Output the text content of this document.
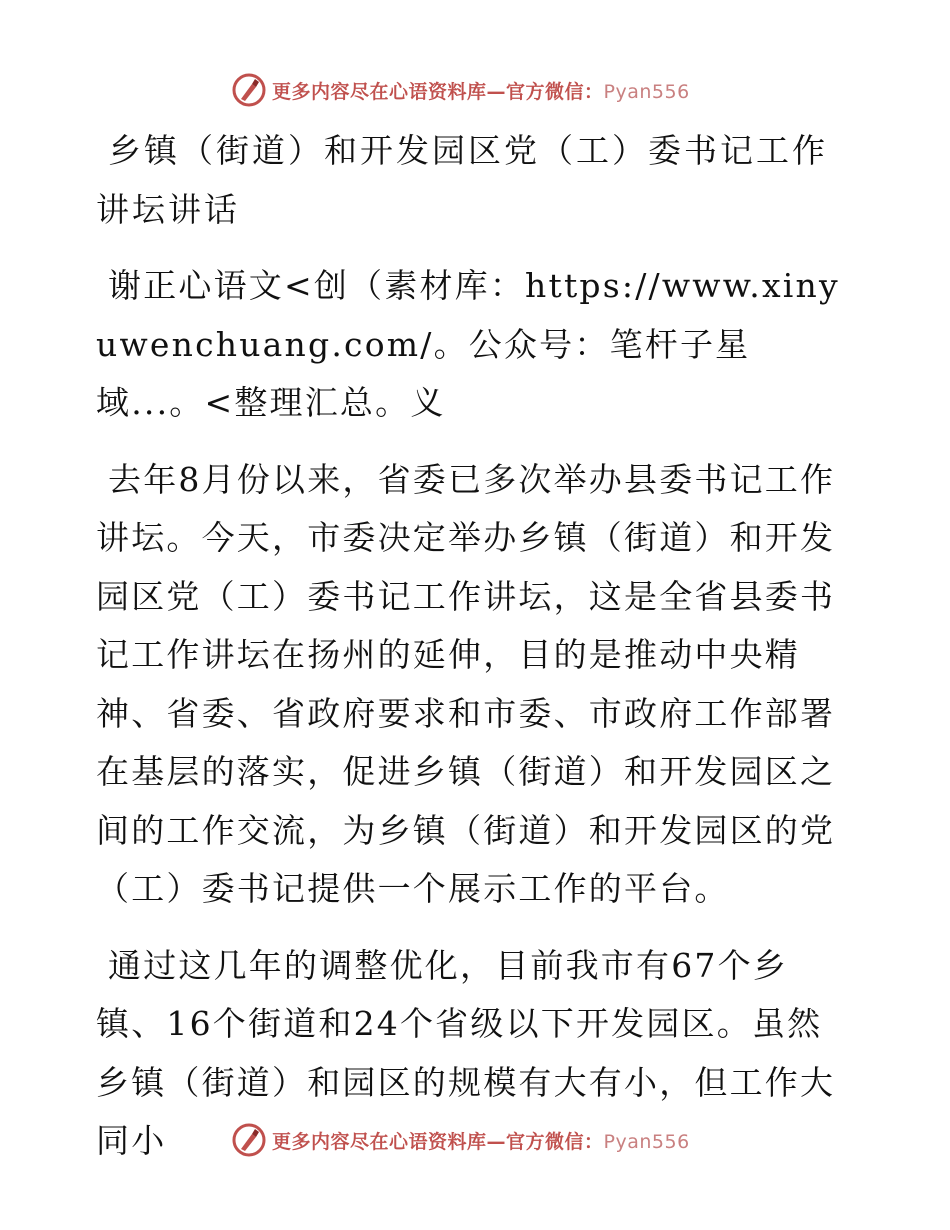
更多内容尽在心语资料库—官方微信：Pyan556

乡镇（街道）和开发园区党（工）委书记工作讲坛讲话

谢正心语文<创（素材库：https://www.xinyuwenchuang.com/。公众号：笔杆子星域...。<整理汇总。义

去年8月份以来，省委已多次举办县委书记工作讲坛。今天，市委决定举办乡镇（街道）和开发园区党（工）委书记工作讲坛，这是全省县委书记工作讲坛在扬州的延伸，目的是推动中央精神、省委、省政府要求和市委、市政府工作部署在基层的落实，促进乡镇（街道）和开发园区之间的工作交流，为乡镇（街道）和开发园区的党（工）委书记提供一个展示工作的平台。

通过这几年的调整优化，目前我市有67个乡镇、16个街道和24个省级以下开发园区。虽然乡镇（街道）和园区的规模有大有小，但工作大同小	更多内容尽在心语资料库—官方微信：Pyan556
